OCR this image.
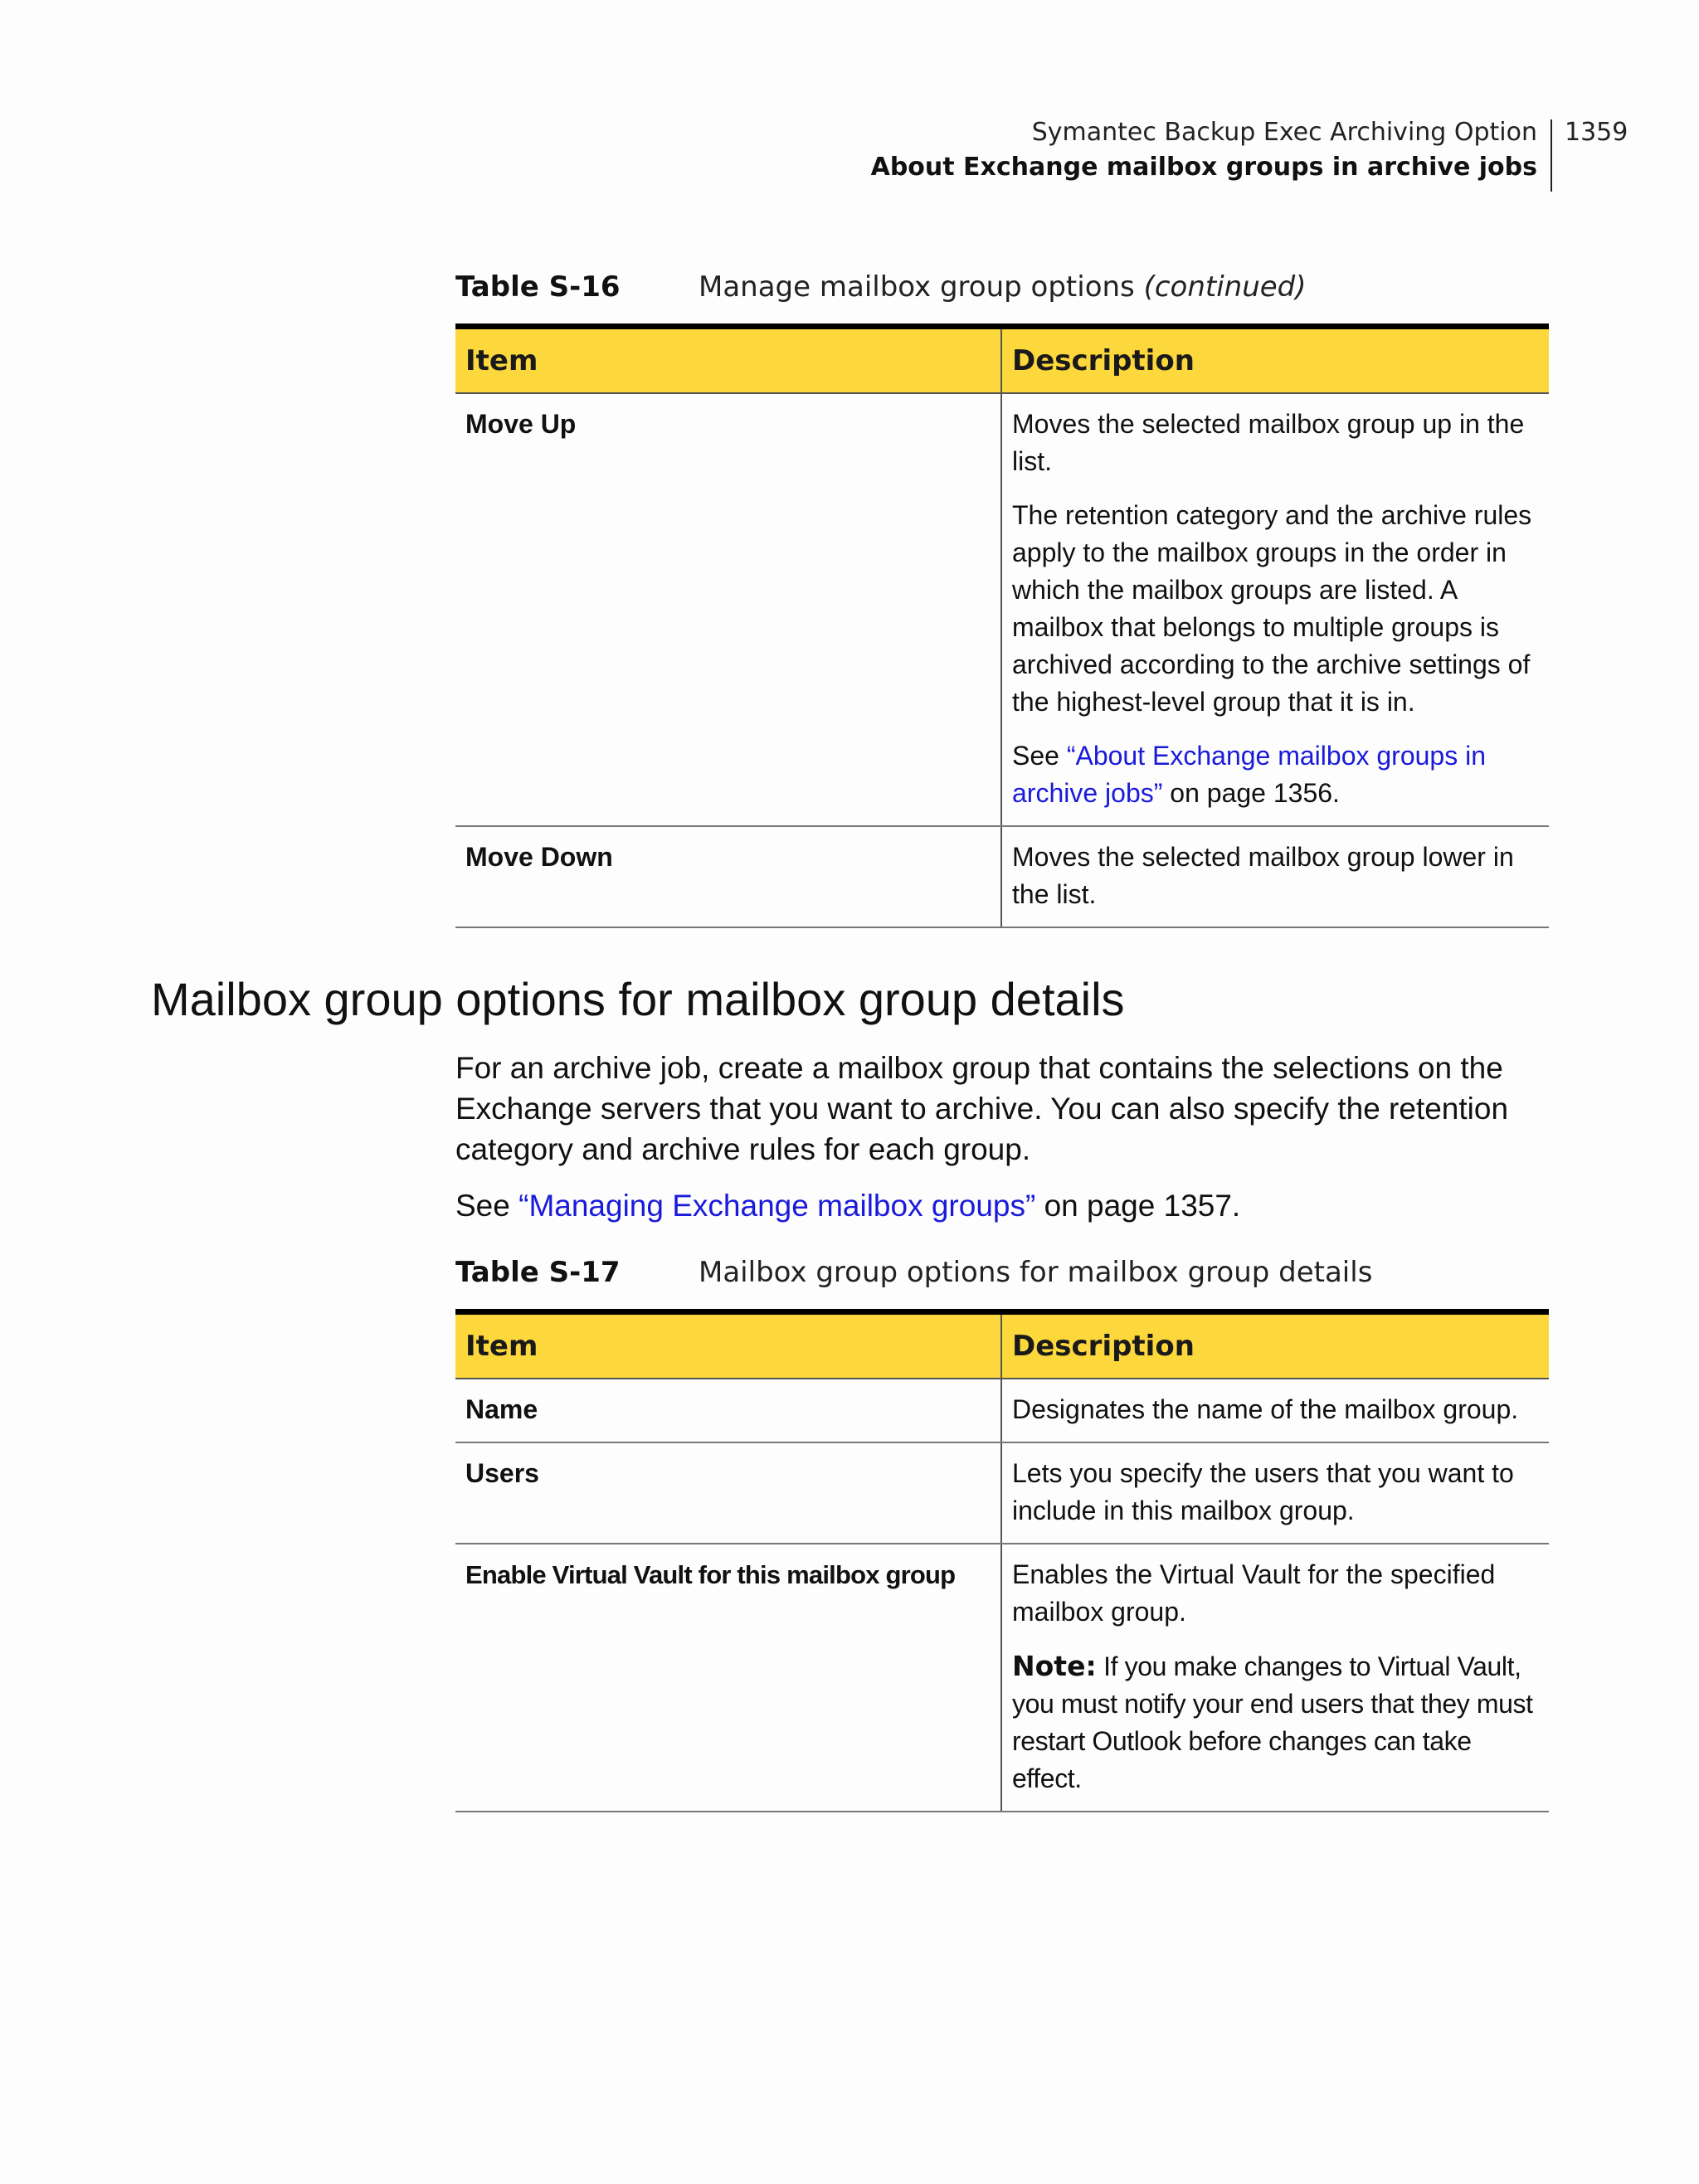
Symantec Backup Exec Archiving Option
About Exchange mailbox groups in archive jobs
1359
Table S-16	Manage mailbox group options (continued)
Item	Description
Move Up	Moves the selected mailbox group up in the list.

The retention category and the archive rules apply to the mailbox groups in the order in which the mailbox groups are listed. A mailbox that belongs to multiple groups is archived according to the archive settings of the highest-level group that it is in.

See “About Exchange mailbox groups in archive jobs” on page 1356.

Move Down	Moves the selected mailbox group lower in the list.

Mailbox group options for mailbox group details

For an archive job, create a mailbox group that contains the selections on the Exchange servers that you want to archive. You can also specify the retention category and archive rules for each group.

See “Managing Exchange mailbox groups” on page 1357.

Table S-17	Mailbox group options for mailbox group details
Item	Description
Name	Designates the name of the mailbox group.

Users	Lets you specify the users that you want to include in this mailbox group.

Enable Virtual Vault for this mailbox group	Enables the Virtual Vault for the specified mailbox group.

Note: If you make changes to Virtual Vault, you must notify your end users that they must restart Outlook before changes can take effect.
